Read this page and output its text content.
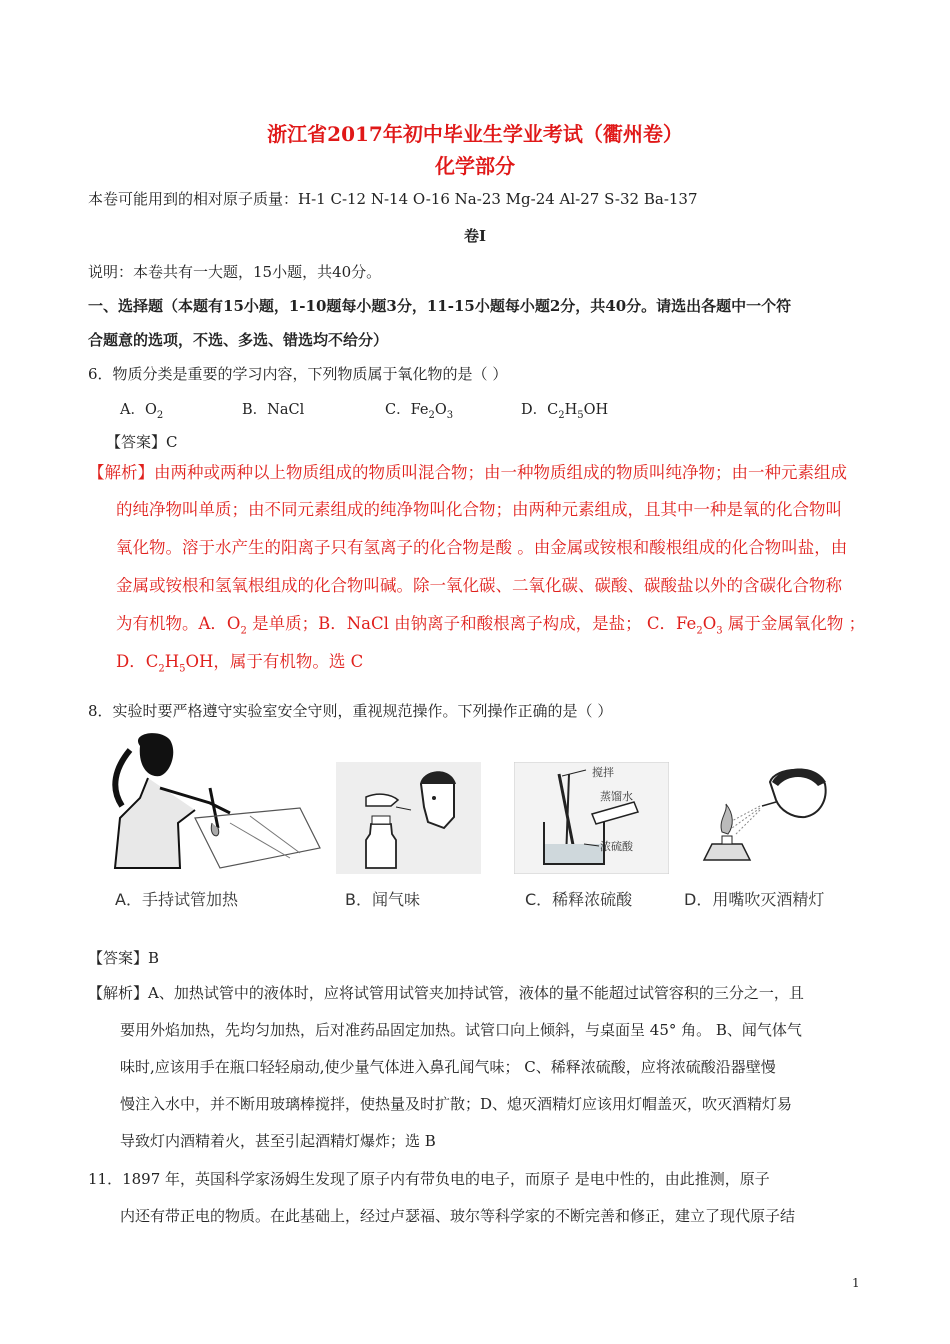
浙江省2017年初中毕业生学业考试（衢州卷）
化学部分
本卷可能用到的相对原子质量：H-1 C-12 N-14 O-16 Na-23 Mg-24 Al-27 S-32 Ba-137
卷I
说明：本卷共有一大题，15小题，共40分。
一、选择题（本题有15小题，1-10题每小题3分，11-15小题每小题2分，共40分。请选出各题中一个符
合题意的选项，不选、多选、错选均不给分）
6．物质分类是重要的学习内容，下列物质属于氧化物的是（ ）
A．$O_2$	B．NaCl	C．$Fe_2O_3$	D．$C_2H_5OH$
【答案】C
【解析】由两种或两种以上物质组成的物质叫混合物；由一种物质组成的物质叫纯净物；由一种元素组成
的纯净物叫单质；由不同元素组成的纯净物叫化合物；由两种元素组成，且其中一种是氧的化合物叫
氧化物。溶于水产生的阳离子只有氢离子的化合物是酸 。由金属或铵根和酸根组成的化合物叫盐，由
金属或铵根和氢氧根组成的化合物叫碱。除一氧化碳、二氧化碳、碳酸、碳酸盐以外的含碳化合物称
为有机物。A．$O_2$ 是单质；B．NaCl 由钠离子和酸根离子构成，是盐； C．$Fe_2O_3$ 属于金属氧化物 ；
D．$C_2H_5OH$，属于有机物。选 C
8．实验时要严格遵守实验室安全守则，重视规范操作。下列操作正确的是（ ）
搅拌
蒸馏水
浓硫酸
A．手持试管加热	B．闻气味	C．稀释浓硫酸	D．用嘴吹灭酒精灯
【答案】B
【解析】A、加热试管中的液体时，应将试管用试管夹加持试管，液体的量不能超过试管容积的三分之一，且
要用外焰加热，先均匀加热，后对准药品固定加热。试管口向上倾斜，与桌面呈 45° 角。 B、闻气体气
味时,应该用手在瓶口轻轻扇动,使少量气体进入鼻孔闻气味； C、稀释浓硫酸，应将浓硫酸沿器壁慢
慢注入水中，并不断用玻璃棒搅拌，使热量及时扩散；D、熄灭酒精灯应该用灯帽盖灭，吹灭酒精灯易
导致灯内酒精着火，甚至引起酒精灯爆炸；选 B
11．1897 年，英国科学家汤姆生发现了原子内有带负电的电子，而原子 是电中性的，由此推测，原子
内还有带正电的物质。在此基础上，经过卢瑟福、玻尔等科学家的不断完善和修正，建立了现代原子结
1
